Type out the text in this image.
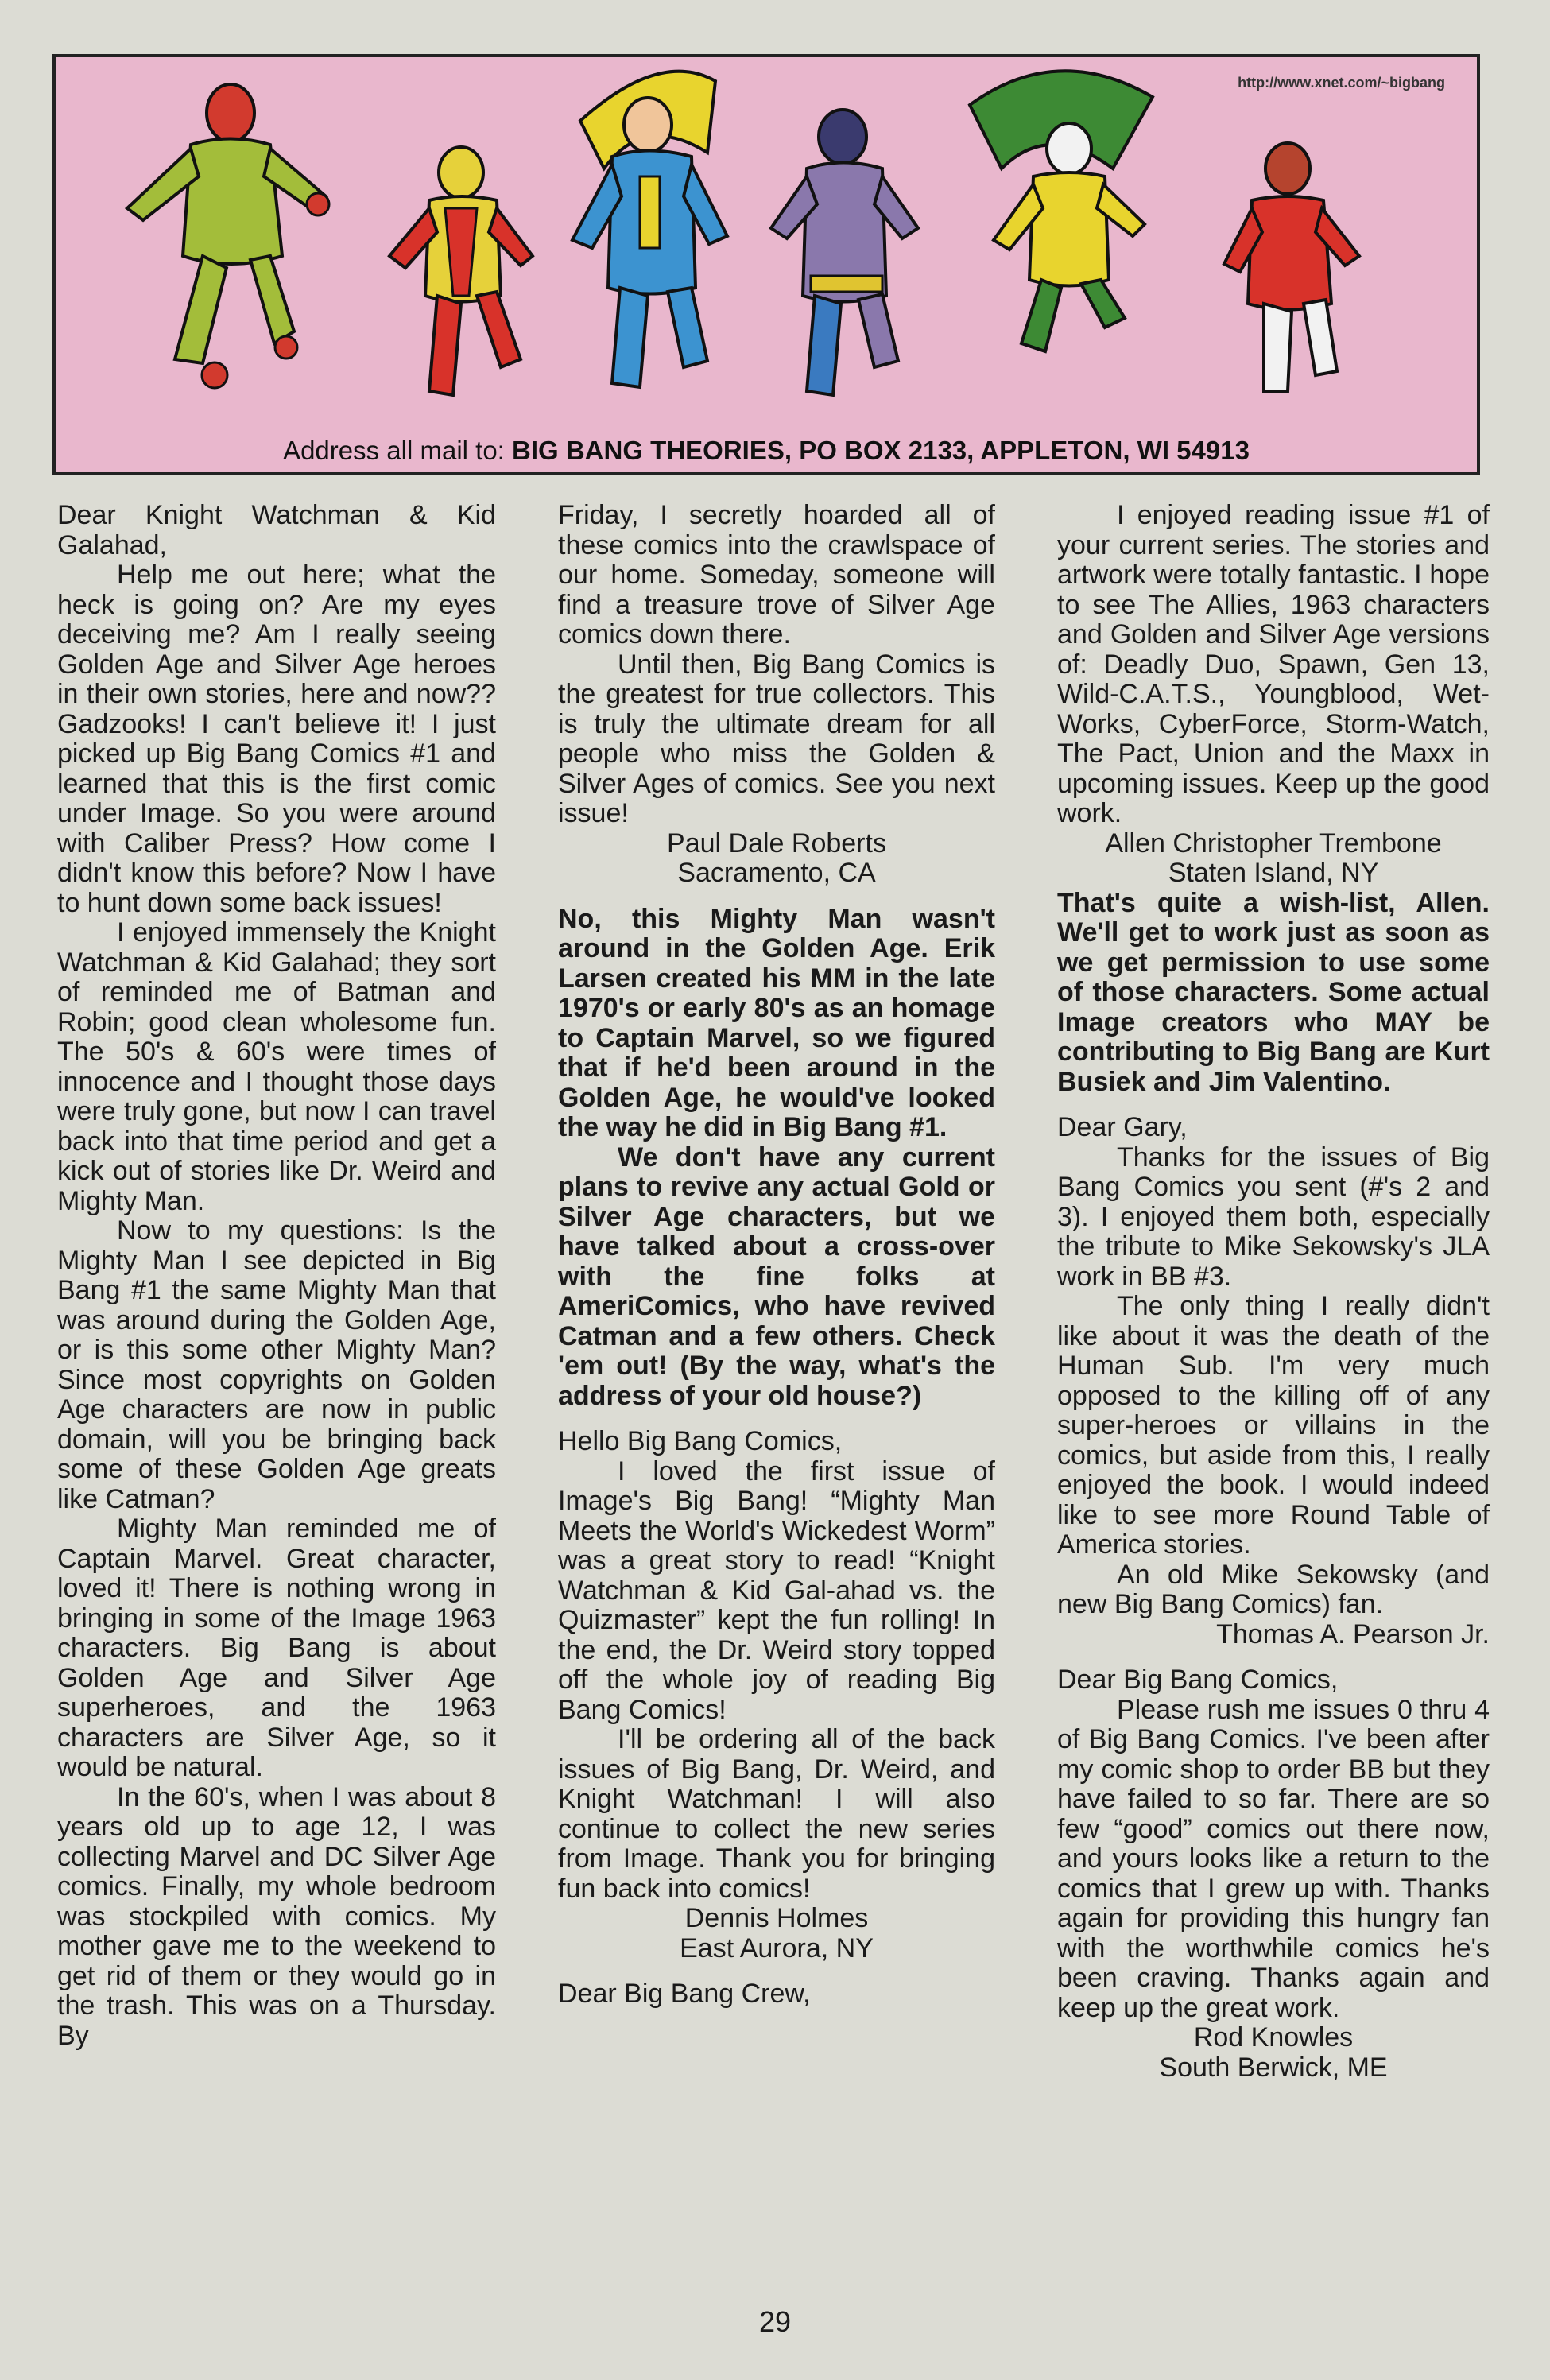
http://www.xnet.com/~bigbang
Address all mail to: BIG BANG THEORIES, PO BOX 2133, APPLETON, WI 54913

Dear Knight Watchman & Kid Galahad,

Help me out here; what the heck is going on? Are my eyes deceiving me? Am I really seeing Golden Age and Silver Age heroes in their own stories, here and now?? Gadzooks! I can't believe it! I just picked up Big Bang Comics #1 and learned that this is the first comic under Image. So you were around with Caliber Press? How come I didn't know this before? Now I have to hunt down some back issues!

I enjoyed immensely the Knight Watchman & Kid Galahad; they sort of reminded me of Batman and Robin; good clean wholesome fun. The 50's & 60's were times of innocence and I thought those days were truly gone, but now I can travel back into that time period and get a kick out of stories like Dr. Weird and Mighty Man.

Now to my questions: Is the Mighty Man I see depicted in Big Bang #1 the same Mighty Man that was around during the Golden Age, or is this some other Mighty Man? Since most copyrights on Golden Age characters are now in public domain, will you be bringing back some of these Golden Age greats like Catman?

Mighty Man reminded me of Captain Marvel. Great character, loved it! There is nothing wrong in bringing in some of the Image 1963 characters. Big Bang is about Golden Age and Silver Age superheroes, and the 1963 characters are Silver Age, so it would be natural.

In the 60's, when I was about 8 years old up to age 12, I was collecting Marvel and DC Silver Age comics. Finally, my whole bedroom was stockpiled with comics. My mother gave me to the weekend to get rid of them or they would go in the trash. This was on a Thursday. By

Friday, I secretly hoarded all of these comics into the crawlspace of our home. Someday, someone will find a treasure trove of Silver Age comics down there.

Until then, Big Bang Comics is the greatest for true collectors. This is truly the ultimate dream for all people who miss the Golden & Silver Ages of comics. See you next issue!

Paul Dale Roberts

Sacramento, CA

No, this Mighty Man wasn't around in the Golden Age. Erik Larsen created his MM in the late 1970's or early 80's as an homage to Captain Marvel, so we figured that if he'd been around in the Golden Age, he would've looked the way he did in Big Bang #1.

We don't have any current plans to revive any actual Gold or Silver Age characters, but we have talked about a cross-over with the fine folks at AmeriComics, who have revived Catman and a few others. Check 'em out! (By the way, what's the address of your old house?)

Hello Big Bang Comics,

I loved the first issue of Image's Big Bang! “Mighty Man Meets the World's Wickedest Worm” was a great story to read! “Knight Watchman & Kid Gal-ahad vs. the Quizmaster” kept the fun rolling! In the end, the Dr. Weird story topped off the whole joy of reading Big Bang Comics!

I'll be ordering all of the back issues of Big Bang, Dr. Weird, and Knight Watchman! I will also continue to collect the new series from Image. Thank you for bringing fun back into comics!

Dennis Holmes

East Aurora, NY

Dear Big Bang Crew,

I enjoyed reading issue #1 of your current series. The stories and artwork were totally fantastic. I hope to see The Allies, 1963 characters and Golden and Silver Age versions of: Deadly Duo, Spawn, Gen 13, Wild-C.A.T.S., Youngblood, Wet-Works, CyberForce, Storm-Watch, The Pact, Union and the Maxx in upcoming issues. Keep up the good work.

Allen Christopher Trembone

Staten Island, NY

That's quite a wish-list, Allen. We'll get to work just as soon as we get permission to use some of those characters. Some actual Image creators who MAY be contributing to Big Bang are Kurt Busiek and Jim Valentino.

Dear Gary,

Thanks for the issues of Big Bang Comics you sent (#'s 2 and 3). I enjoyed them both, especially the tribute to Mike Sekowsky's JLA work in BB #3.

The only thing I really didn't like about it was the death of the Human Sub. I'm very much opposed to the killing off of any super-heroes or villains in the comics, but aside from this, I really enjoyed the book. I would indeed like to see more Round Table of America stories.

An old Mike Sekowsky (and new Big Bang Comics) fan.

Thomas A. Pearson Jr.

Dear Big Bang Comics,

Please rush me issues 0 thru 4 of Big Bang Comics. I've been after my comic shop to order BB but they have failed to so far. There are so few “good” comics out there now, and yours looks like a return to the comics that I grew up with. Thanks again for providing this hungry fan with the worthwhile comics he's been craving. Thanks again and keep up the great work.

Rod Knowles

South Berwick, ME

29
